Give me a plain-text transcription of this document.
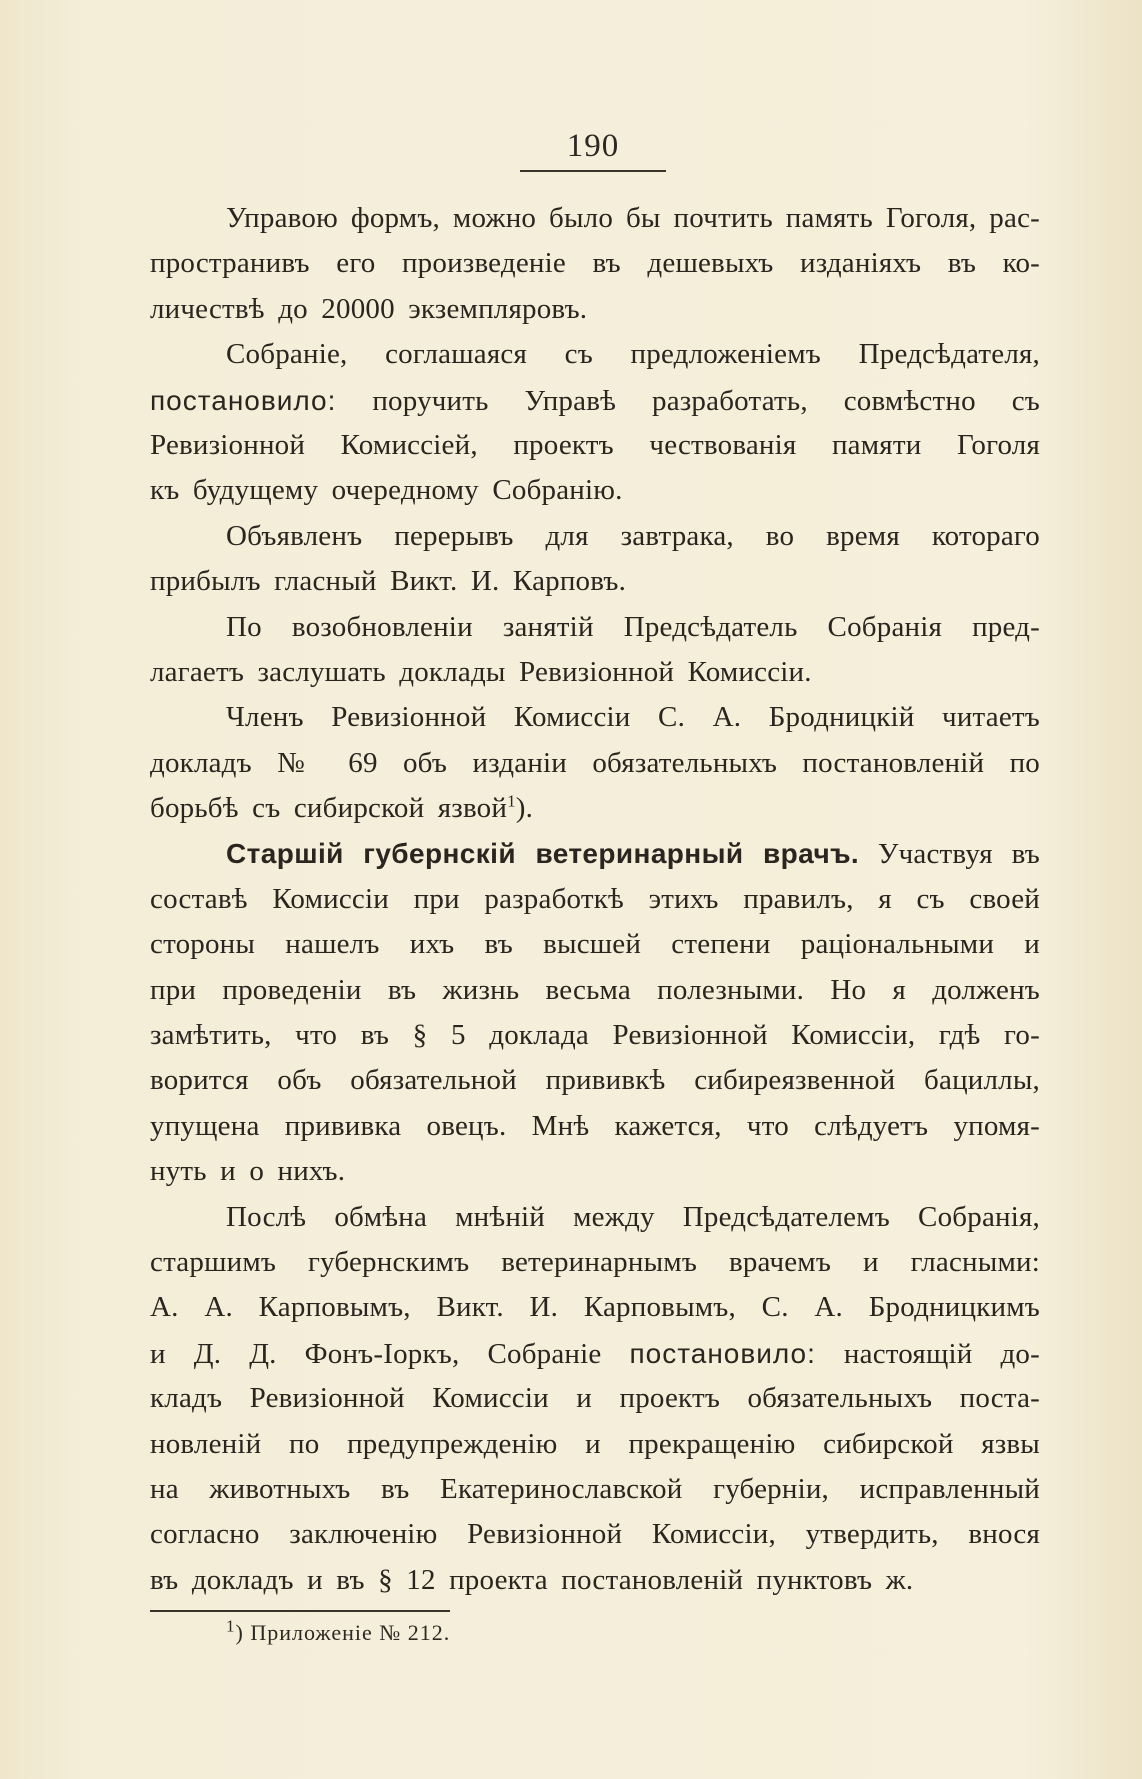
190
Управою формъ, можно было бы почтить память Гоголя, рас-
пространивъ его произведеніе въ дешевыхъ изданіяхъ въ ко-
личествѣ до 20000 экземпляровъ.
Собраніе, соглашаяся съ предложеніемъ Предсѣдателя,
постановило: поручить Управѣ разработать, совмѣстно съ
Ревизіонной Комиссіей, проектъ чествованія памяти Гоголя
къ будущему очередному Собранію.
Объявленъ перерывъ для завтрака, во время котораго
прибылъ гласный Викт. И. Карповъ.
По возобновленіи занятій Предсѣдатель Собранія пред-
лагаетъ заслушать доклады Ревизіонной Комиссіи.
Членъ Ревизіонной Комиссіи С. А. Бродницкій читаетъ
докладъ № 69 объ изданіи обязательныхъ постановленій по
борьбѣ съ сибирской язвой$^1$).
Старшій губернскій ветеринарный врачъ. Участвуя въ
составѣ Комиссіи при разработкѣ этихъ правилъ, я съ своей
стороны нашелъ ихъ въ высшей степени раціональными и
при проведеніи въ жизнь весьма полезными. Но я долженъ
замѣтить, что въ § 5 доклада Ревизіонной Комиссіи, гдѣ го-
ворится объ обязательной прививкѣ сибиреязвенной бациллы,
упущена прививка овецъ. Мнѣ кажется, что слѣдуетъ упомя-
нуть и о нихъ.
Послѣ обмѣна мнѣній между Предсѣдателемъ Собранія,
старшимъ губернскимъ ветеринарнымъ врачемъ и гласными:
А. А. Карповымъ, Викт. И. Карповымъ, С. А. Бродницкимъ
и Д. Д. Фонъ-Іоркъ, Собраніе постановило: настоящій до-
кладъ Ревизіонной Комиссіи и проектъ обязательныхъ поста-
новленій по предупрежденію и прекращенію сибирской язвы
на животныхъ въ Екатеринославской губерніи, исправленный
согласно заключенію Ревизіонной Комиссіи, утвердить, внося
въ докладъ и въ § 12 проекта постановленій пунктовъ ж.
$^1$) Приложеніе № 212.
